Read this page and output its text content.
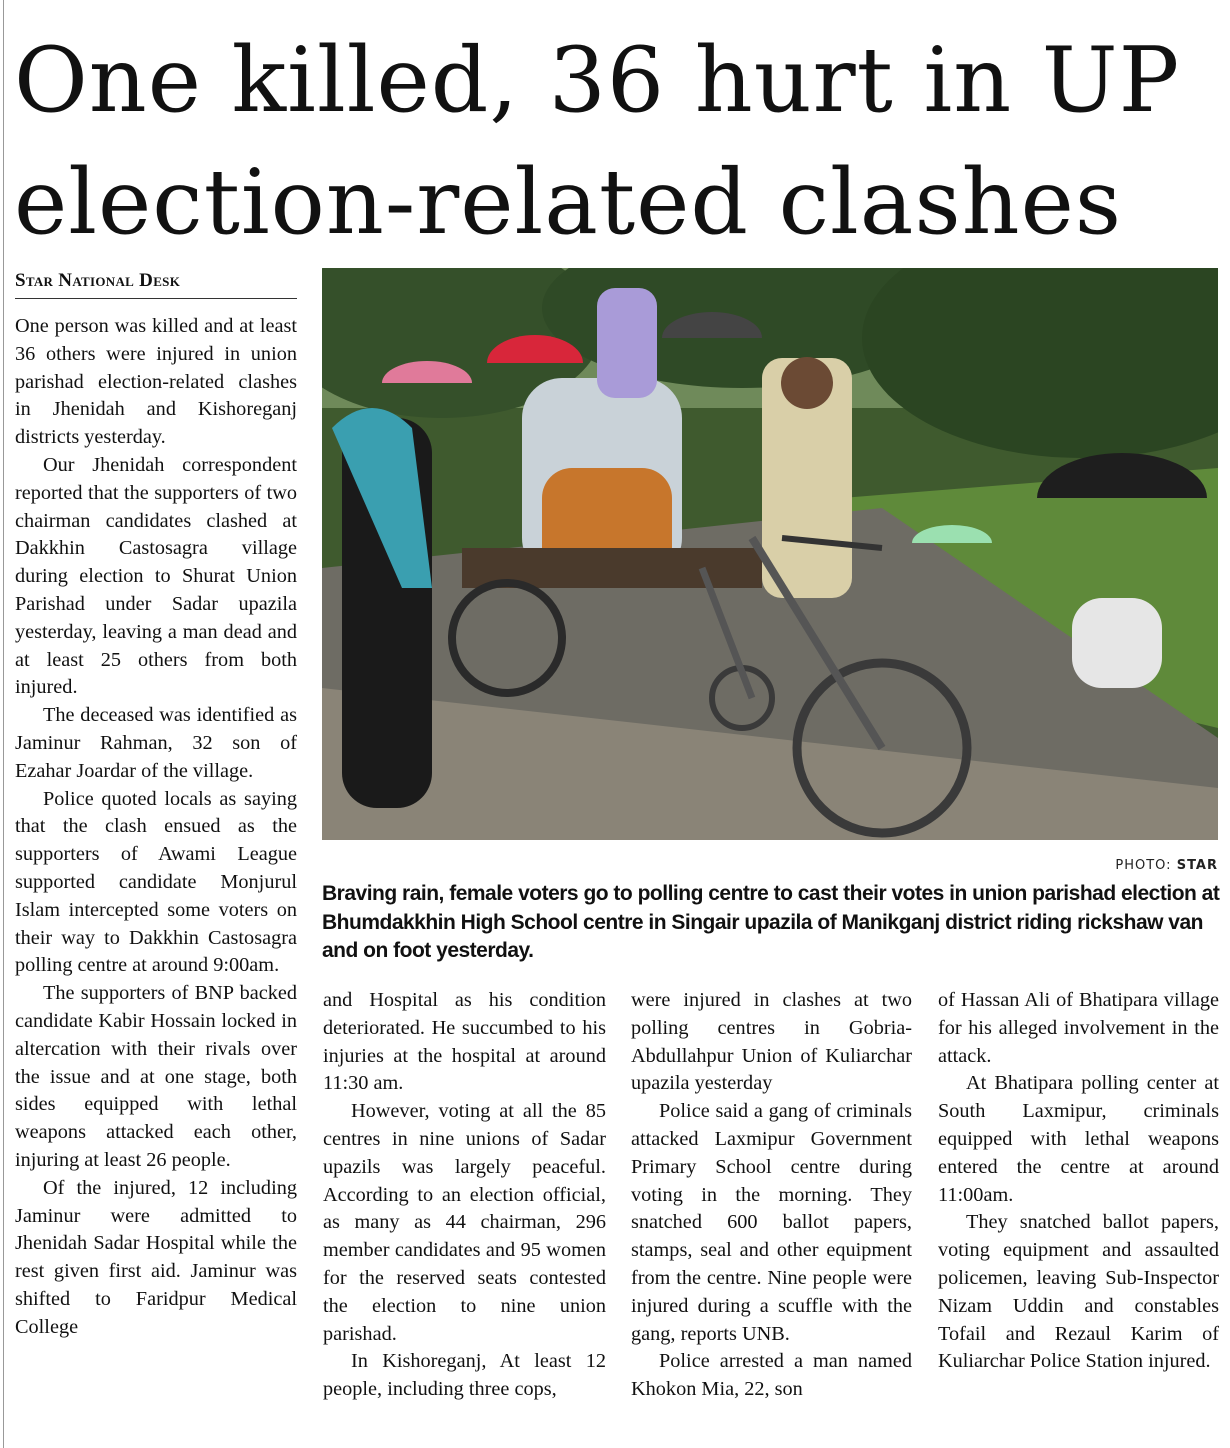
One killed, 36 hurt in UP
election-related clashes
Star National Desk

One person was killed and at least 36 others were injured in union parishad election-related clashes in Jhenidah and Kishoreganj districts yesterday.

Our Jhenidah correspondent reported that the supporters of two chairman candidates clashed at Dakkhin Castosagra village during election to Shurat Union Parishad under Sadar upazila yesterday, leaving a man dead and at least 25 others from both injured.

The deceased was identified as Jaminur Rahman, 32 son of Ezahar Joardar of the village.

Police quoted locals as saying that the clash ensued as the supporters of Awami League supported candidate Monjurul Islam intercepted some voters on their way to Dakkhin Castosagra polling centre at around 9:00am.

The supporters of BNP backed candidate Kabir Hossain locked in altercation with their rivals over the issue and at one stage, both sides equipped with lethal weapons attacked each other, injuring at least 26 people.

Of the injured, 12 including Jaminur were admitted to Jhenidah Sadar Hospital while the rest given first aid. Jaminur was shifted to Faridpur Medical College

PHOTO: STAR

Braving rain, female voters go to polling centre to cast their votes in union parishad election at Bhumdakkhin High School centre in Singair upazila of Manikganj district riding rickshaw van and on foot yesterday.

and Hospital as his condition deteriorated. He succumbed to his injuries at the hospital at around 11:30 am.

However, voting at all the 85 centres in nine unions of Sadar upazils was largely peaceful. According to an election official, as many as 44 chairman, 296 member candidates and 95 women for the reserved seats contested the election to nine union parishad.

In Kishoreganj, At least 12 people, including three cops,

were injured in clashes at two polling centres in Gobria-Abdullahpur Union of Kuliarchar upazila yesterday

Police said a gang of criminals attacked Laxmipur Government Primary School centre during voting in the morning. They snatched 600 ballot papers, stamps, seal and other equipment from the centre. Nine people were injured during a scuffle with the gang, reports UNB.

Police arrested a man named Khokon Mia, 22, son

of Hassan Ali of Bhatipara village for his alleged involvement in the attack.

At Bhatipara polling center at South Laxmipur, criminals equipped with lethal weapons entered the centre at around 11:00am.

They snatched ballot papers, voting equipment and assaulted policemen, leaving Sub-Inspector Nizam Uddin and constables Tofail and Rezaul Karim of Kuliarchar Police Station injured.
